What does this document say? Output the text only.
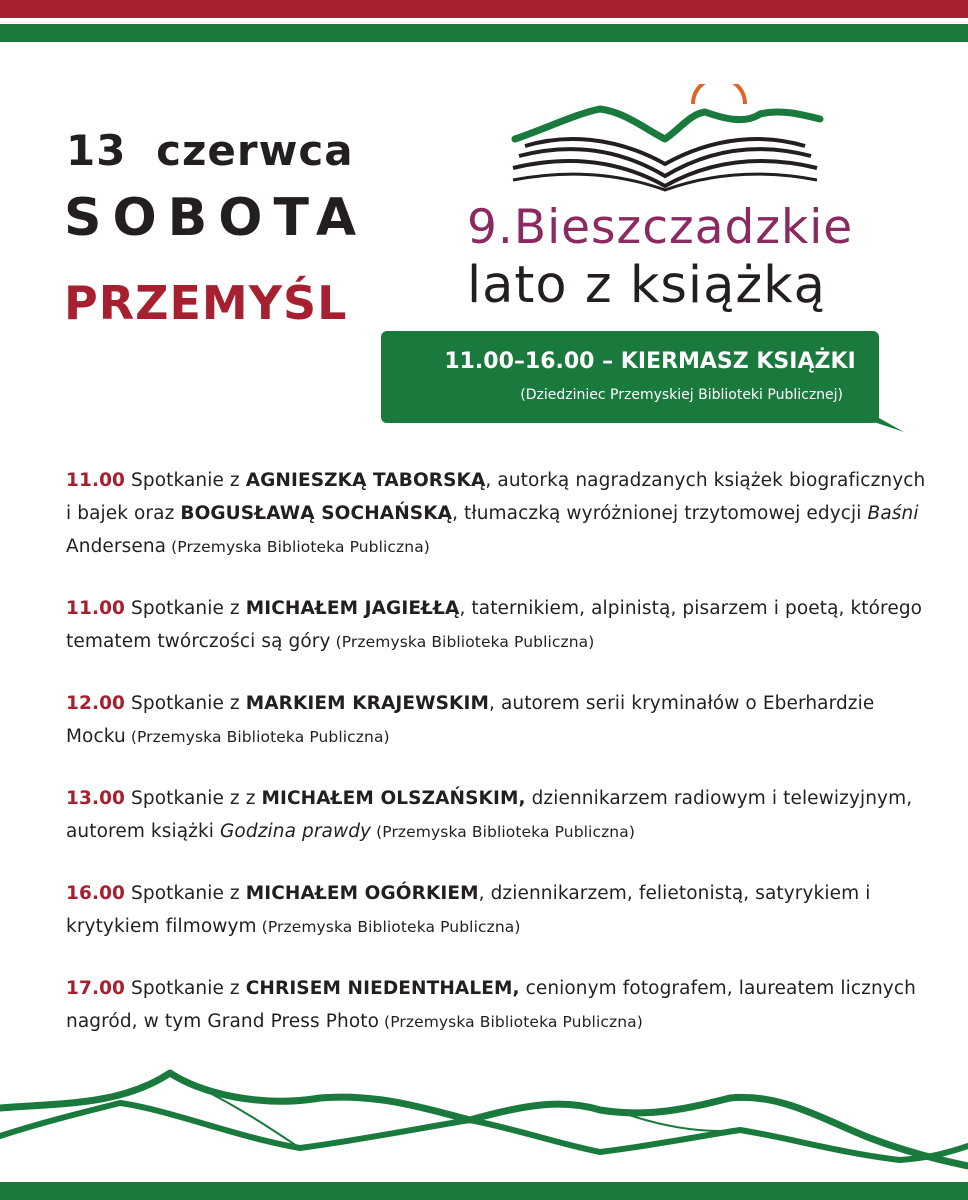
13 czerwca
SOBOTA
PRZEMYŚL
9.Bieszczadzkie
lato z książką
11.00–16.00 – KIERMASZ KSIĄŻKI
(Dziedziniec Przemyskiej Biblioteki Publicznej)
11.00 Spotkanie z AGNIESZKĄ TABORSKĄ, autorką nagradzanych książek biograficznych i bajek oraz BOGUSŁAWĄ SOCHAŃSKĄ, tłumaczką wyróżnionej trzytomowej edycji Baśni Andersena (Przemyska Biblioteka Publiczna)
11.00 Spotkanie z MICHAŁEM JAGIEŁŁĄ, taternikiem, alpinistą, pisarzem i poetą, którego tematem twórczości są góry (Przemyska Biblioteka Publiczna)
12.00 Spotkanie z MARKIEM KRAJEWSKIM, autorem serii kryminałów o Eberhardzie Mocku (Przemyska Biblioteka Publiczna)
13.00 Spotkanie z z MICHAŁEM OLSZAŃSKIM, dziennikarzem radiowym i telewizyjnym, autorem książki Godzina prawdy (Przemyska Biblioteka Publiczna)
16.00 Spotkanie z MICHAŁEM OGÓRKIEM, dziennikarzem, felietonistą, satyrykiem i krytykiem filmowym (Przemyska Biblioteka Publiczna)
17.00 Spotkanie z CHRISEM NIEDENTHALEM, cenionym fotografem, laureatem licznych nagród, w tym Grand Press Photo (Przemyska Biblioteka Publiczna)
